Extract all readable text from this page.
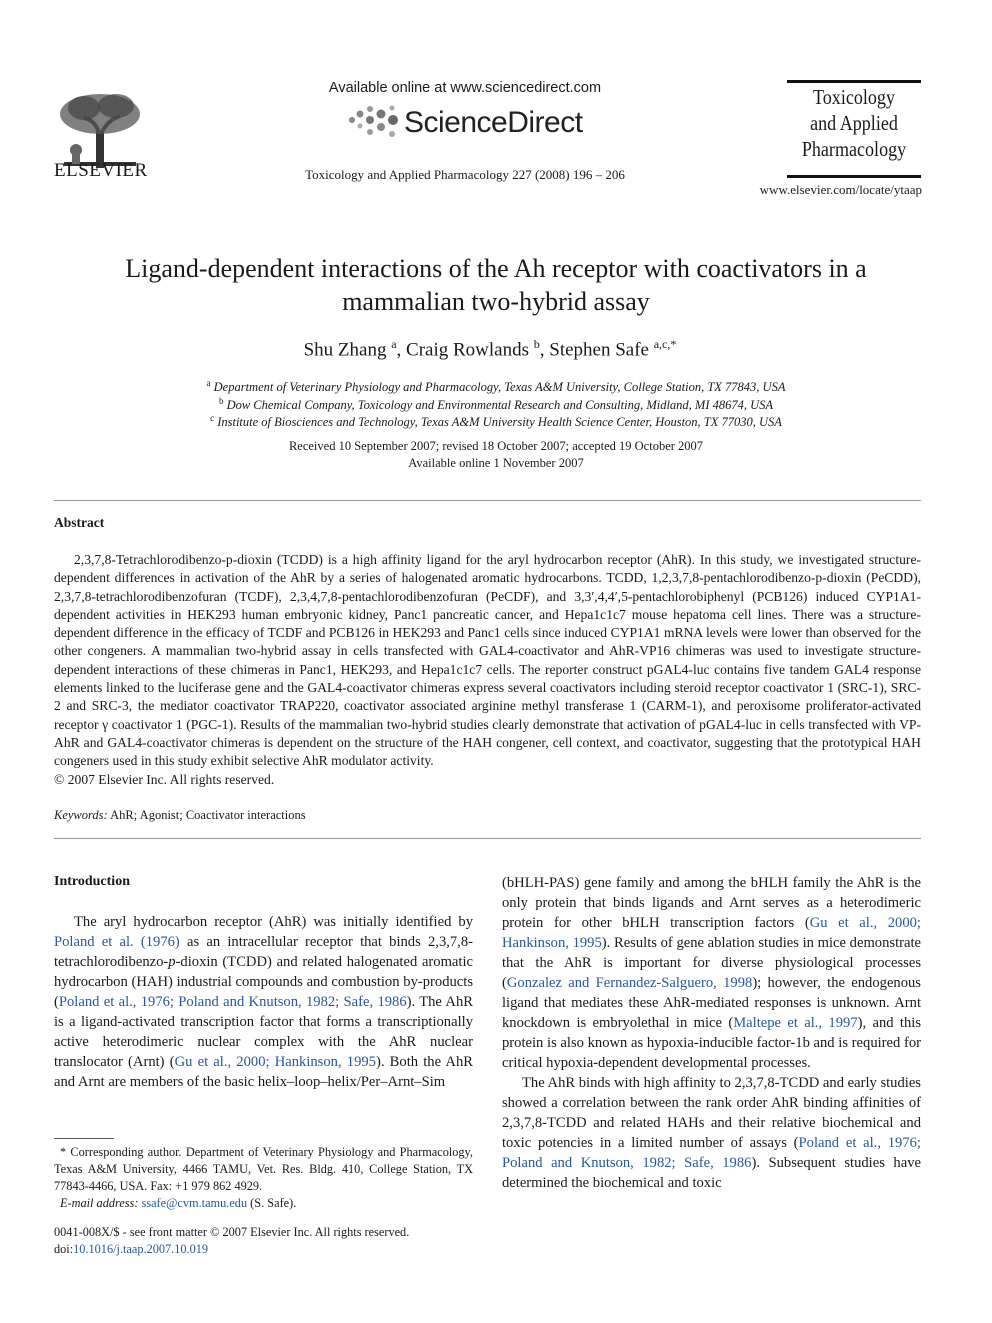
ELSEVIER
Available online at www.sciencedirect.com
ScienceDirect
Toxicology and Applied Pharmacology 227 (2008) 196 – 206
Toxicology
and Applied
Pharmacology
www.elsevier.com/locate/ytaap
Ligand-dependent interactions of the Ah receptor with coactivators in a
mammalian two-hybrid assay
Shu Zhang $^a$, Craig Rowlands $^b$, Stephen Safe $^{a,c,*}$
$^a$ Department of Veterinary Physiology and Pharmacology, Texas A&M University, College Station, TX 77843, USA
$^b$ Dow Chemical Company, Toxicology and Environmental Research and Consulting, Midland, MI 48674, USA
$^c$ Institute of Biosciences and Technology, Texas A&M University Health Science Center, Houston, TX 77030, USA
Received 10 September 2007; revised 18 October 2007; accepted 19 October 2007
Available online 1 November 2007
Abstract

2,3,7,8-Tetrachlorodibenzo-p-dioxin (TCDD) is a high affinity ligand for the aryl hydrocarbon receptor (AhR). In this study, we investigated structure-dependent differences in activation of the AhR by a series of halogenated aromatic hydrocarbons. TCDD, 1,2,3,7,8-pentachlorodibenzo-p-dioxin (PeCDD), 2,3,7,8-tetrachlorodibenzofuran (TCDF), 2,3,4,7,8-pentachlorodibenzofuran (PeCDF), and 3,3′,4,4′,5-pentachlorobiphenyl (PCB126) induced CYP1A1-dependent activities in HEK293 human embryonic kidney, Panc1 pancreatic cancer, and Hepa1c1c7 mouse hepatoma cell lines. There was a structure-dependent difference in the efficacy of TCDF and PCB126 in HEK293 and Panc1 cells since induced CYP1A1 mRNA levels were lower than observed for the other congeners. A mammalian two-hybrid assay in cells transfected with GAL4-coactivator and AhR-VP16 chimeras was used to investigate structure-dependent interactions of these chimeras in Panc1, HEK293, and Hepa1c1c7 cells. The reporter construct pGAL4-luc contains five tandem GAL4 response elements linked to the luciferase gene and the GAL4-coactivator chimeras express several coactivators including steroid receptor coactivator 1 (SRC-1), SRC-2 and SRC-3, the mediator coactivator TRAP220, coactivator associated arginine methyl transferase 1 (CARM-1), and peroxisome proliferator-activated receptor γ coactivator 1 (PGC-1). Results of the mammalian two-hybrid studies clearly demonstrate that activation of pGAL4-luc in cells transfected with VP-AhR and GAL4-coactivator chimeras is dependent on the structure of the HAH congener, cell context, and coactivator, suggesting that the prototypical HAH congeners used in this study exhibit selective AhR modulator activity.

© 2007 Elsevier Inc. All rights reserved.

Keywords: AhR; Agonist; Coactivator interactions
Introduction

The aryl hydrocarbon receptor (AhR) was initially identified by Poland et al. (1976) as an intracellular receptor that binds 2,3,7,8-tetrachlorodibenzo-p-dioxin (TCDD) and related halogenated aromatic hydrocarbon (HAH) industrial compounds and combustion by-products (Poland et al., 1976; Poland and Knutson, 1982; Safe, 1986). The AhR is a ligand-activated transcription factor that forms a transcriptionally active heterodimeric nuclear complex with the AhR nuclear translocator (Arnt) (Gu et al., 2000; Hankinson, 1995). Both the AhR and Arnt are members of the basic helix–loop–helix/Per–Arnt–Sim

(bHLH-PAS) gene family and among the bHLH family the AhR is the only protein that binds ligands and Arnt serves as a heterodimeric protein for other bHLH transcription factors (Gu et al., 2000; Hankinson, 1995). Results of gene ablation studies in mice demonstrate that the AhR is important for diverse physiological processes (Gonzalez and Fernandez-Salguero, 1998); however, the endogenous ligand that mediates these AhR-mediated responses is unknown. Arnt knockdown is embryolethal in mice (Maltepe et al., 1997), and this protein is also known as hypoxia-inducible factor-1b and is required for critical hypoxia-dependent developmental processes.

The AhR binds with high affinity to 2,3,7,8-TCDD and early studies showed a correlation between the rank order AhR binding affinities of 2,3,7,8-TCDD and related HAHs and their relative biochemical and toxic potencies in a limited number of assays (Poland et al., 1976; Poland and Knutson, 1982; Safe, 1986). Subsequent studies have determined the biochemical and toxic

* Corresponding author. Department of Veterinary Physiology and Pharmacology, Texas A&M University, 4466 TAMU, Vet. Res. Bldg. 410, College Station, TX 77843-4466, USA. Fax: +1 979 862 4929.
E-mail address: ssafe@cvm.tamu.edu (S. Safe).
0041-008X/$ - see front matter © 2007 Elsevier Inc. All rights reserved.
doi:10.1016/j.taap.2007.10.019
